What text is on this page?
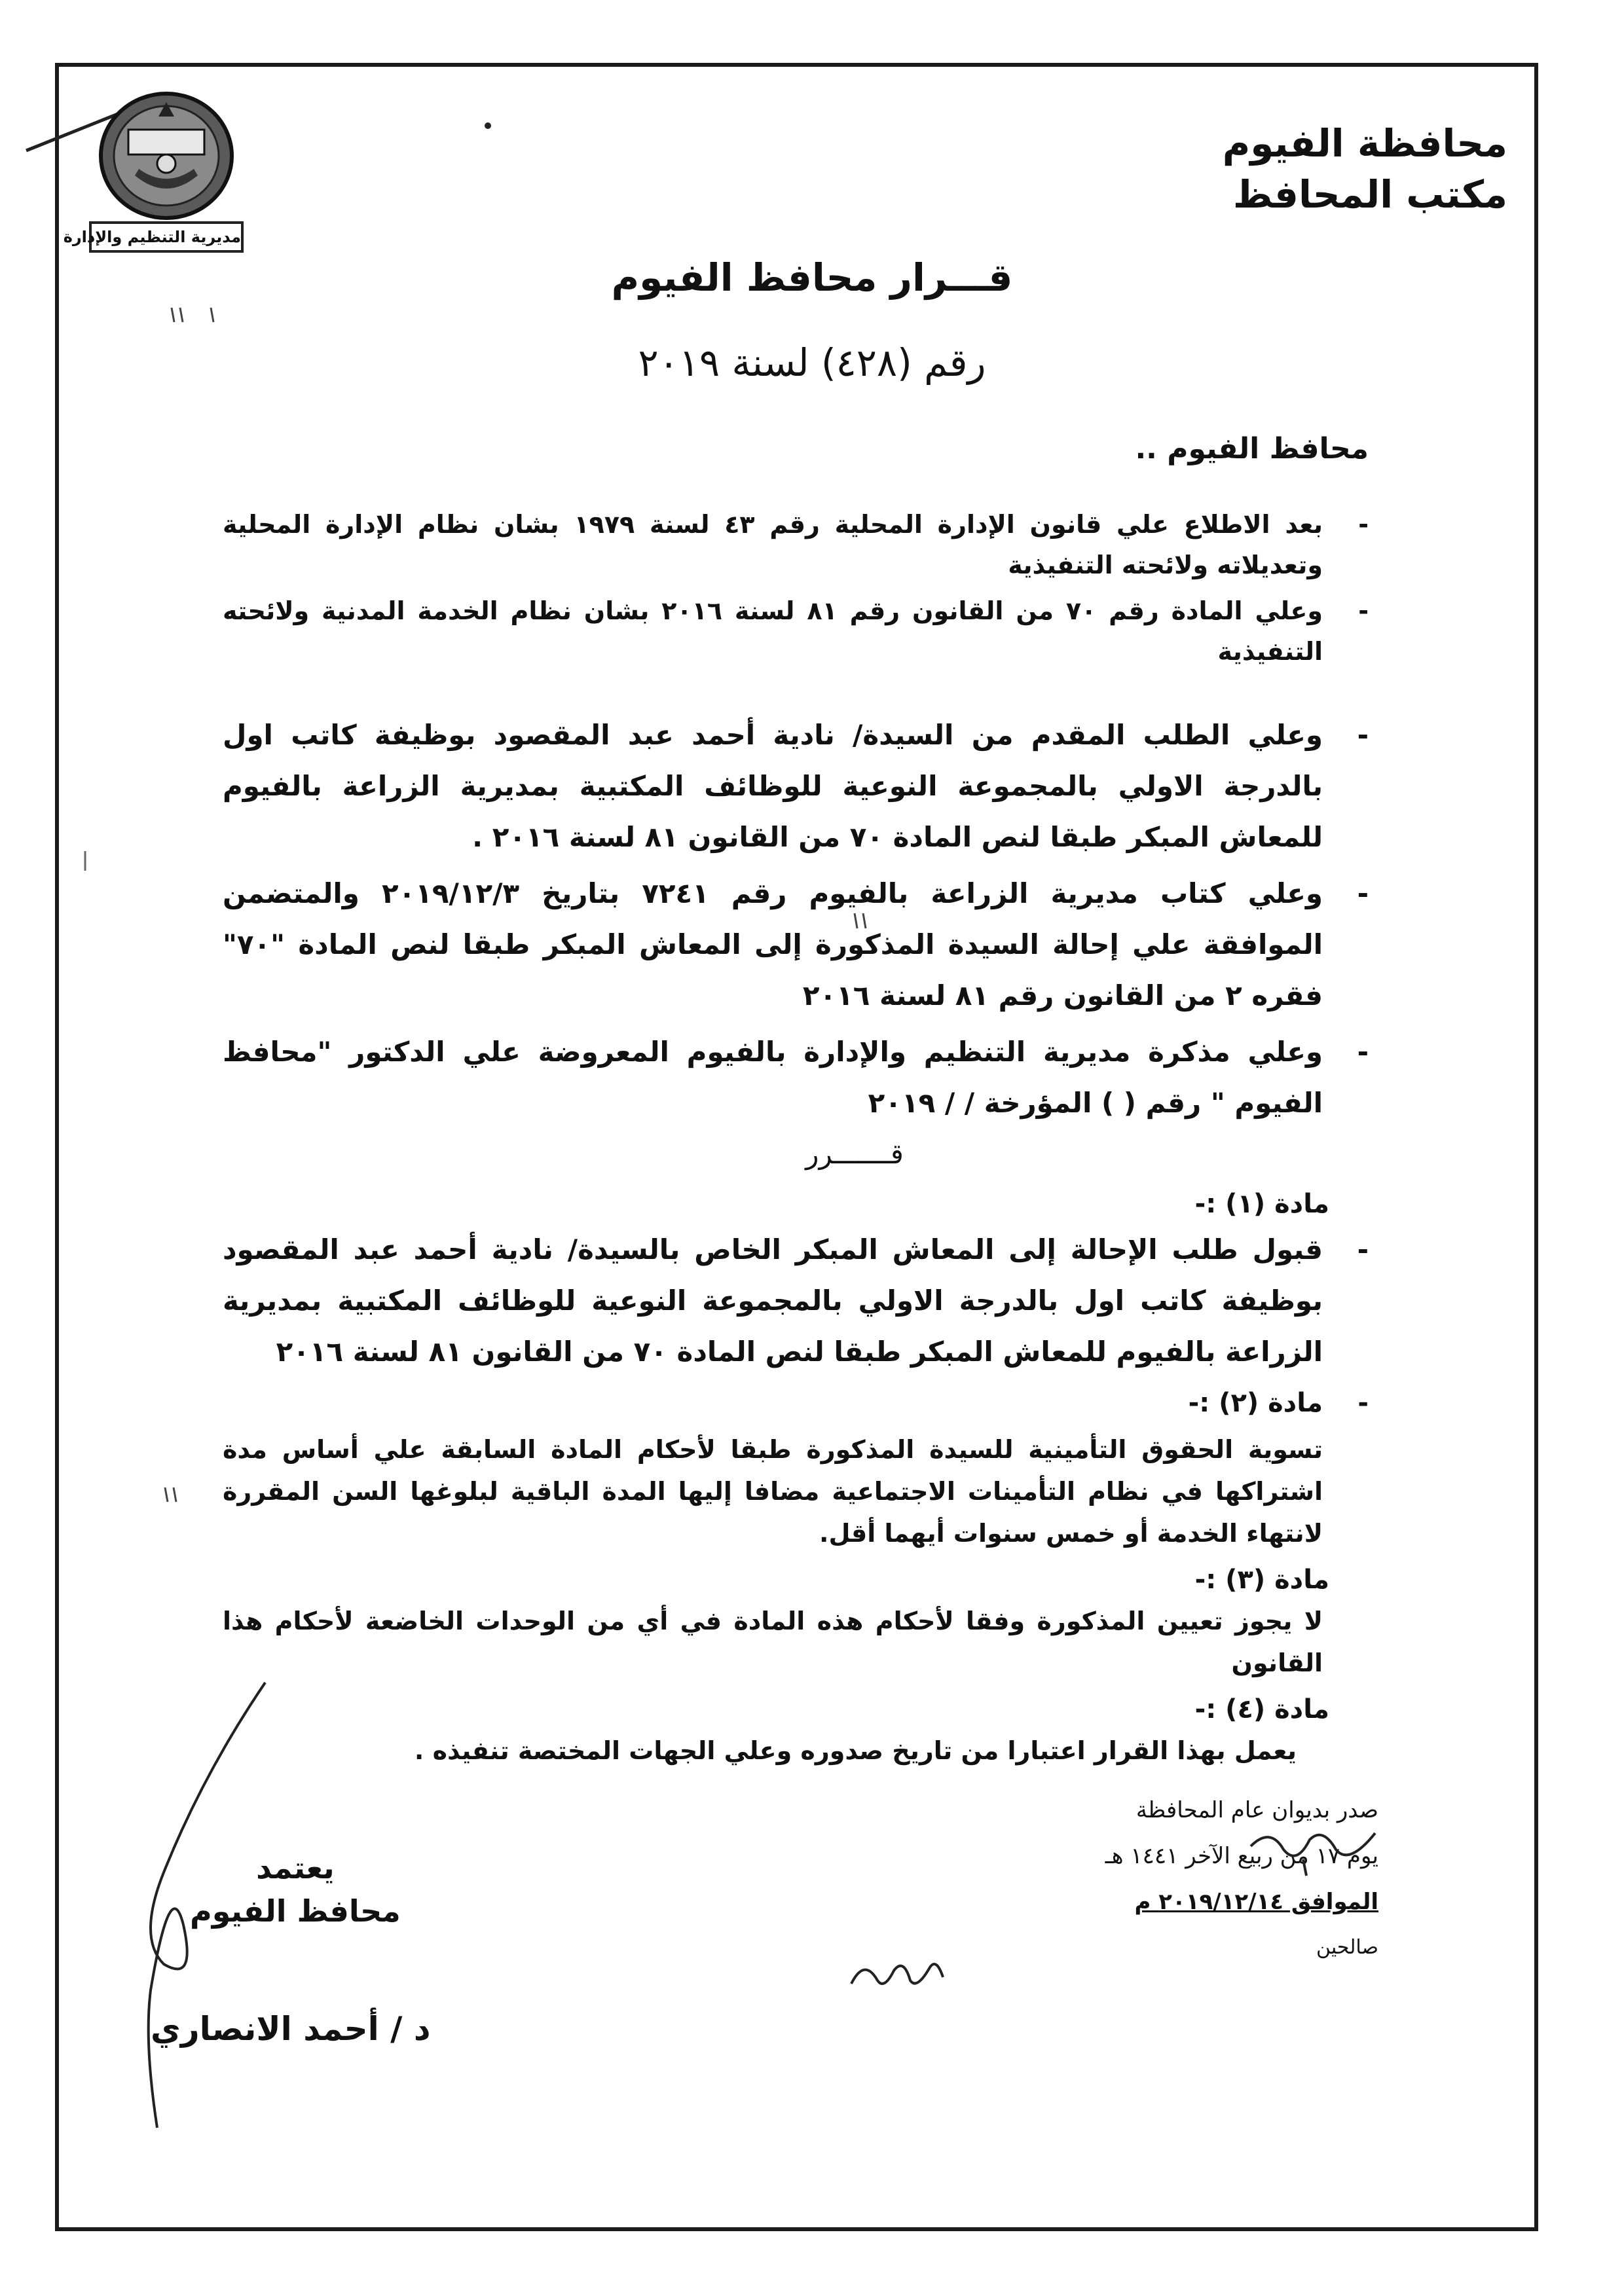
مديرية التنظيم والإدارة
محافظة الفيوم
مكتب المحافظ
قـــرار محافظ الفيوم
رقم (٤٢٨) لسنة ٢٠١٩
محافظ الفيوم ..
-
بعد الاطلاع علي قانون الإدارة المحلية رقم ٤٣ لسنة ١٩٧٩ بشان نظام الإدارة المحلية وتعديلاته ولائحته التنفيذية
-
وعلي المادة رقم ٧٠ من القانون رقم ٨١ لسنة ٢٠١٦ بشان نظام الخدمة المدنية ولائحته التنفيذية
-
وعلي الطلب المقدم من السيدة/ نادية أحمد عبد المقصود بوظيفة كاتب اول بالدرجة الاولي بالمجموعة النوعية للوظائف المكتبية بمديرية الزراعة بالفيوم للمعاش المبكر طبقا لنص المادة ٧٠ من القانون ٨١ لسنة ٢٠١٦ .
-
وعلي كتاب مديرية الزراعة بالفيوم رقم ٧٢٤١ بتاريخ ٢٠١٩/١٢/٣ والمتضمن الموافقة علي إحالة السيدة المذكورة إلى المعاش المبكر طبقا لنص المادة "٧٠" فقره ٢ من القانون رقم ٨١ لسنة ٢٠١٦
-
وعلي مذكرة مديرية التنظيم والإدارة بالفيوم المعروضة علي الدكتور "محافظ الفيوم " رقم ( ) المؤرخة / / ٢٠١٩
قـــــــرر
مادة (١) :-
-
قبول طلب الإحالة إلى المعاش المبكر الخاص بالسيدة/ نادية أحمد عبد المقصود بوظيفة كاتب اول بالدرجة الاولي بالمجموعة النوعية للوظائف المكتبية بمديرية الزراعة بالفيوم للمعاش المبكر طبقا لنص المادة ٧٠ من القانون ٨١ لسنة ٢٠١٦
-
مادة (٢) :-
تسوية الحقوق التأمينية للسيدة المذكورة طبقا لأحكام المادة السابقة علي أساس مدة اشتراكها في نظام التأمينات الاجتماعية مضافا إليها المدة الباقية لبلوغها السن المقررة لانتهاء الخدمة أو خمس سنوات أيهما أقل.
مادة (٣) :-
لا يجوز تعيين المذكورة وفقا لأحكام هذه المادة في أي من الوحدات الخاضعة لأحكام هذا القانون
مادة (٤) :-
يعمل بهذا القرار اعتبارا من تاريخ صدوره وعلي الجهات المختصة تنفيذه .
صدر بديوان عام المحافظة
يوم ١٧ من ربيع الآخر ١٤٤١ هـ
الموافق ٢٠١٩/١٢/١٤ م
صالحين
يعتمد
محافظ الفيوم
د / أحمد الانصاري
